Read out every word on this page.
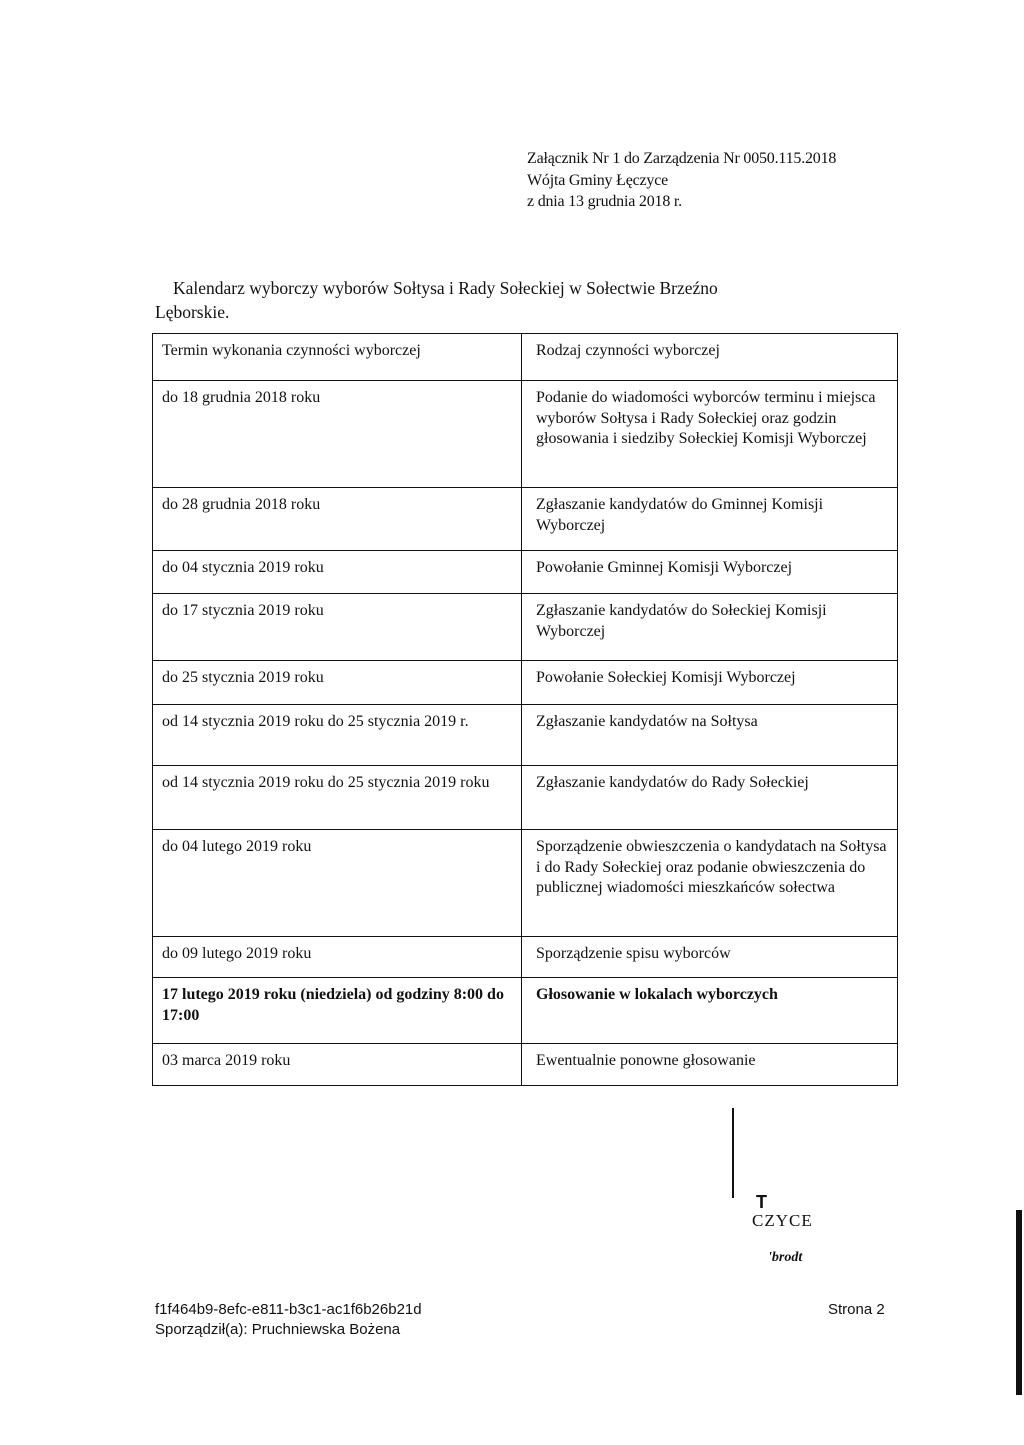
Załącznik Nr 1 do Zarządzenia Nr 0050.115.2018
Wójta Gminy Łęczyce
z dnia 13 grudnia 2018 r.
Kalendarz wyborczy wyborów Sołtysa i Rady Sołeckiej w Sołectwie Brzeźno
Lęborskie.
Termin wykonania czynności wyborczej	Rodzaj czynności wyborczej
do 18 grudnia 2018 roku	Podanie do wiadomości wyborców terminu i miejsca wyborów Sołtysa i Rady Sołeckiej oraz godzin głosowania i siedziby Sołeckiej Komisji Wyborczej
do 28 grudnia 2018 roku	Zgłaszanie kandydatów do Gminnej Komisji Wyborczej
do 04 stycznia 2019 roku	Powołanie Gminnej Komisji Wyborczej
do 17 stycznia 2019 roku	Zgłaszanie kandydatów do Sołeckiej Komisji Wyborczej
do 25 stycznia 2019 roku	Powołanie Sołeckiej Komisji Wyborczej
od 14 stycznia 2019 roku do 25 stycznia 2019 r.	Zgłaszanie kandydatów na Sołtysa
od 14 stycznia 2019 roku do 25 stycznia 2019 roku	Zgłaszanie kandydatów do Rady Sołeckiej
do 04 lutego 2019 roku	Sporządzenie obwieszczenia o kandydatach na Sołtysa i do Rady Sołeckiej oraz podanie obwieszczenia do publicznej wiadomości mieszkańców sołectwa
do 09 lutego 2019 roku	Sporządzenie spisu wyborców
17 lutego 2019 roku (niedziela) od godziny 8:00 do 17:00	Głosowanie w lokalach wyborczych
03 marca 2019 roku	Ewentualnie ponowne głosowanie
T
CZYCE
'brodt
f1f464b9-8efc-e811-b3c1-ac1f6b26b21d
Sporządził(a): Pruchniewska Bożena
Strona 2
